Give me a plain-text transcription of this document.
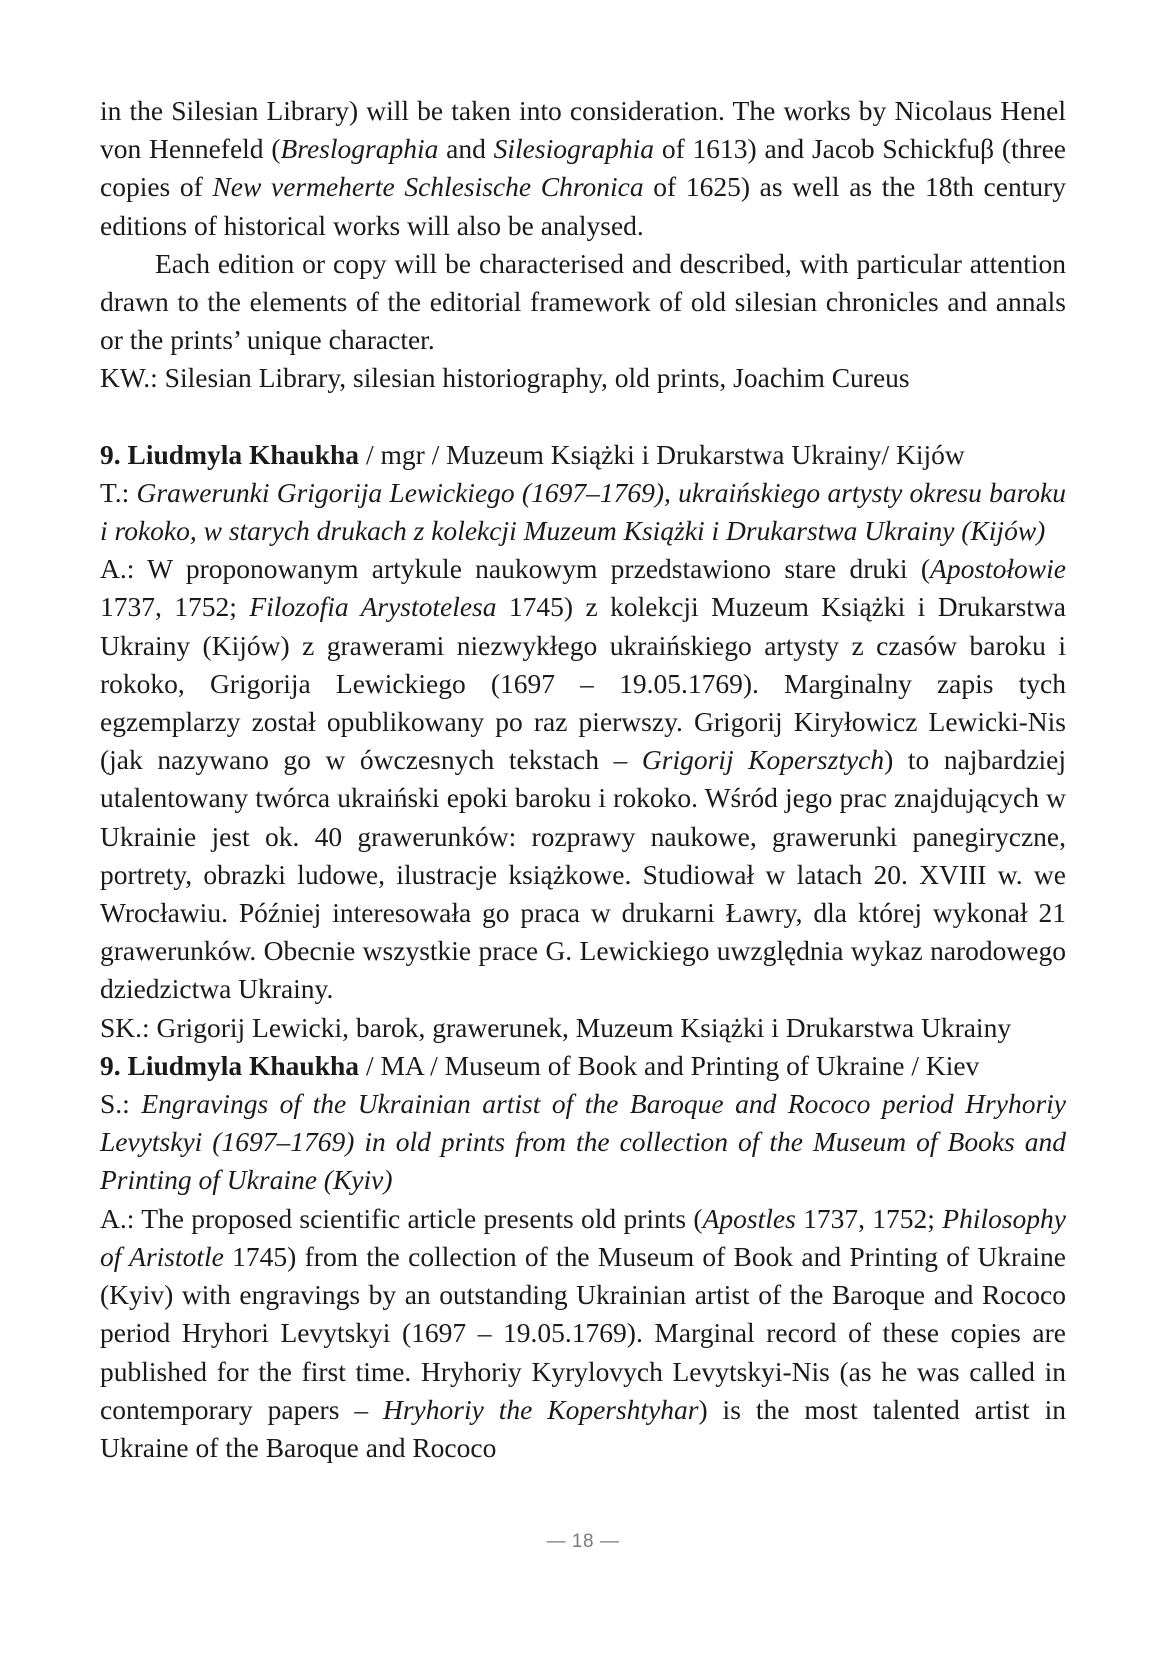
in the Silesian Library) will be taken into consideration. The works by Nicolaus Henel von Hennefeld (Breslographia and Silesiographia of 1613) and Jacob Schickfuβ (three copies of New vermeherte Schlesische Chronica of 1625) as well as the 18th century editions of historical works will also be analysed.

Each edition or copy will be characterised and described, with particular attention drawn to the elements of the editorial framework of old silesian chronicles and annals or the prints’ unique character.

KW.: Silesian Library, silesian historiography, old prints, Joachim Cureus

9. Liudmyla Khaukha / mgr / Muzeum Książki i Drukarstwa Ukrainy/ Kijów

T.: Grawerunki Grigorija Lewickiego (1697–1769), ukraińskiego artysty okresu baroku i rokoko, w starych drukach z kolekcji Muzeum Książki i Drukarstwa Ukrainy (Kijów)

A.: W proponowanym artykule naukowym przedstawiono stare druki (Apostołowie 1737, 1752; Filozofia Arystotelesa 1745) z kolekcji Muzeum Książki i Drukarstwa Ukrainy (Kijów) z grawerami niezwykłego ukraińskiego artysty z czasów baroku i rokoko, Grigorija Lewickiego (1697 – 19.05.1769). Marginalny zapis tych egzemplarzy został opublikowany po raz pierwszy. Grigorij Kiryłowicz Lewicki-Nis (jak nazywano go w ówczesnych tekstach – Grigorij Kopersztych) to najbardziej utalentowany twórca ukraiński epoki baroku i rokoko. Wśród jego prac znajdujących w Ukrainie jest ok. 40 grawerunków: rozprawy naukowe, grawerunki panegiryczne, portrety, obrazki ludowe, ilustracje książkowe. Studiował w latach 20. XVIII w. we Wrocławiu. Później interesowała go praca w drukarni Ławry, dla której wykonał 21 grawerunków. Obecnie wszystkie prace G. Lewickiego uwzględnia wykaz narodowego dziedzictwa Ukrainy.

SK.: Grigorij Lewicki, barok, grawerunek, Muzeum Książki i Drukarstwa Ukrainy

9. Liudmyla Khaukha / MA / Museum of Book and Printing of Ukraine / Kiev

S.: Engravings of the Ukrainian artist of the Baroque and Rococo period Hryhoriy Levytskyi (1697–1769) in old prints from the collection of the Museum of Books and Printing of Ukraine (Kyiv)

A.: The proposed scientific article presents old prints (Apostles 1737, 1752; Philosophy of Aristotle 1745) from the collection of the Museum of Book and Printing of Ukraine (Kyiv) with engravings by an outstanding Ukrainian artist of the Baroque and Rococo period Hryhori Levytskyi (1697 – 19.05.1769). Marginal record of these copies are published for the first time. Hryhoriy Kyrylovych Levytskyi-Nis (as he was called in contemporary papers – Hryhoriy the Kopershtyhar) is the most talented artist in Ukraine of the Baroque and Rococo

— 18 —
